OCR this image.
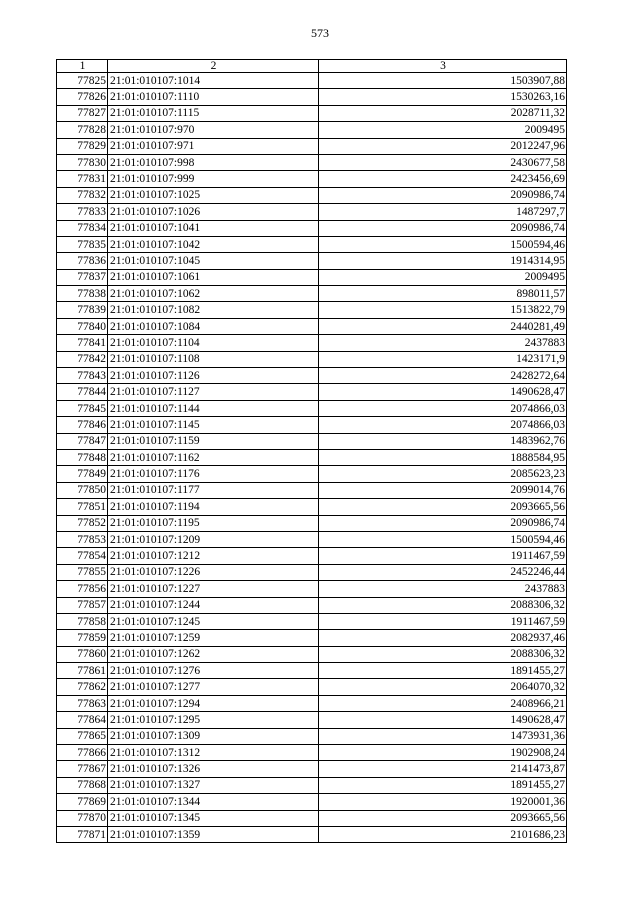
573
1	2	3
77825	21:01:010107:1014	1503907,88
77826	21:01:010107:1110	1530263,16
77827	21:01:010107:1115	2028711,32
77828	21:01:010107:970	2009495
77829	21:01:010107:971	2012247,96
77830	21:01:010107:998	2430677,58
77831	21:01:010107:999	2423456,69
77832	21:01:010107:1025	2090986,74
77833	21:01:010107:1026	1487297,7
77834	21:01:010107:1041	2090986,74
77835	21:01:010107:1042	1500594,46
77836	21:01:010107:1045	1914314,95
77837	21:01:010107:1061	2009495
77838	21:01:010107:1062	898011,57
77839	21:01:010107:1082	1513822,79
77840	21:01:010107:1084	2440281,49
77841	21:01:010107:1104	2437883
77842	21:01:010107:1108	1423171,9
77843	21:01:010107:1126	2428272,64
77844	21:01:010107:1127	1490628,47
77845	21:01:010107:1144	2074866,03
77846	21:01:010107:1145	2074866,03
77847	21:01:010107:1159	1483962,76
77848	21:01:010107:1162	1888584,95
77849	21:01:010107:1176	2085623,23
77850	21:01:010107:1177	2099014,76
77851	21:01:010107:1194	2093665,56
77852	21:01:010107:1195	2090986,74
77853	21:01:010107:1209	1500594,46
77854	21:01:010107:1212	1911467,59
77855	21:01:010107:1226	2452246,44
77856	21:01:010107:1227	2437883
77857	21:01:010107:1244	2088306,32
77858	21:01:010107:1245	1911467,59
77859	21:01:010107:1259	2082937,46
77860	21:01:010107:1262	2088306,32
77861	21:01:010107:1276	1891455,27
77862	21:01:010107:1277	2064070,32
77863	21:01:010107:1294	2408966,21
77864	21:01:010107:1295	1490628,47
77865	21:01:010107:1309	1473931,36
77866	21:01:010107:1312	1902908,24
77867	21:01:010107:1326	2141473,87
77868	21:01:010107:1327	1891455,27
77869	21:01:010107:1344	1920001,36
77870	21:01:010107:1345	2093665,56
77871	21:01:010107:1359	2101686,23
